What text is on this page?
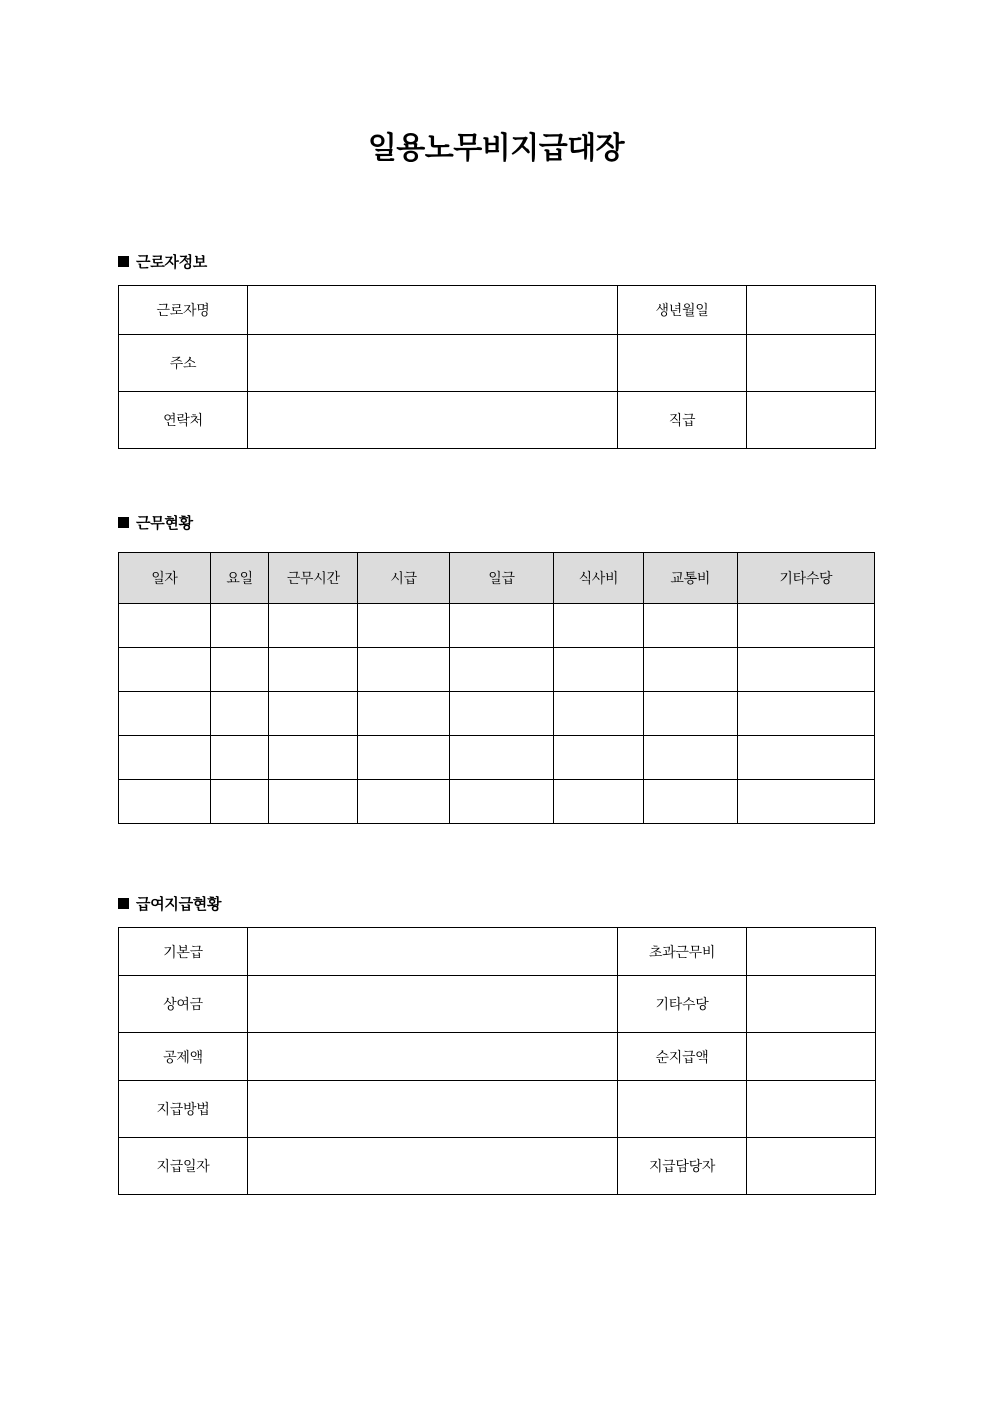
일용노무비지급대장
근로자정보
근로자명		생년월일	
주소			
연락처		직급	
근무현황
일자	요일	근무시간	시급	일급	식사비	교통비	기타수당

급여지급현황
기본급		초과근무비	
상여금		기타수당	
공제액		순지급액	
지급방법			
지급일자		지급담당자	
